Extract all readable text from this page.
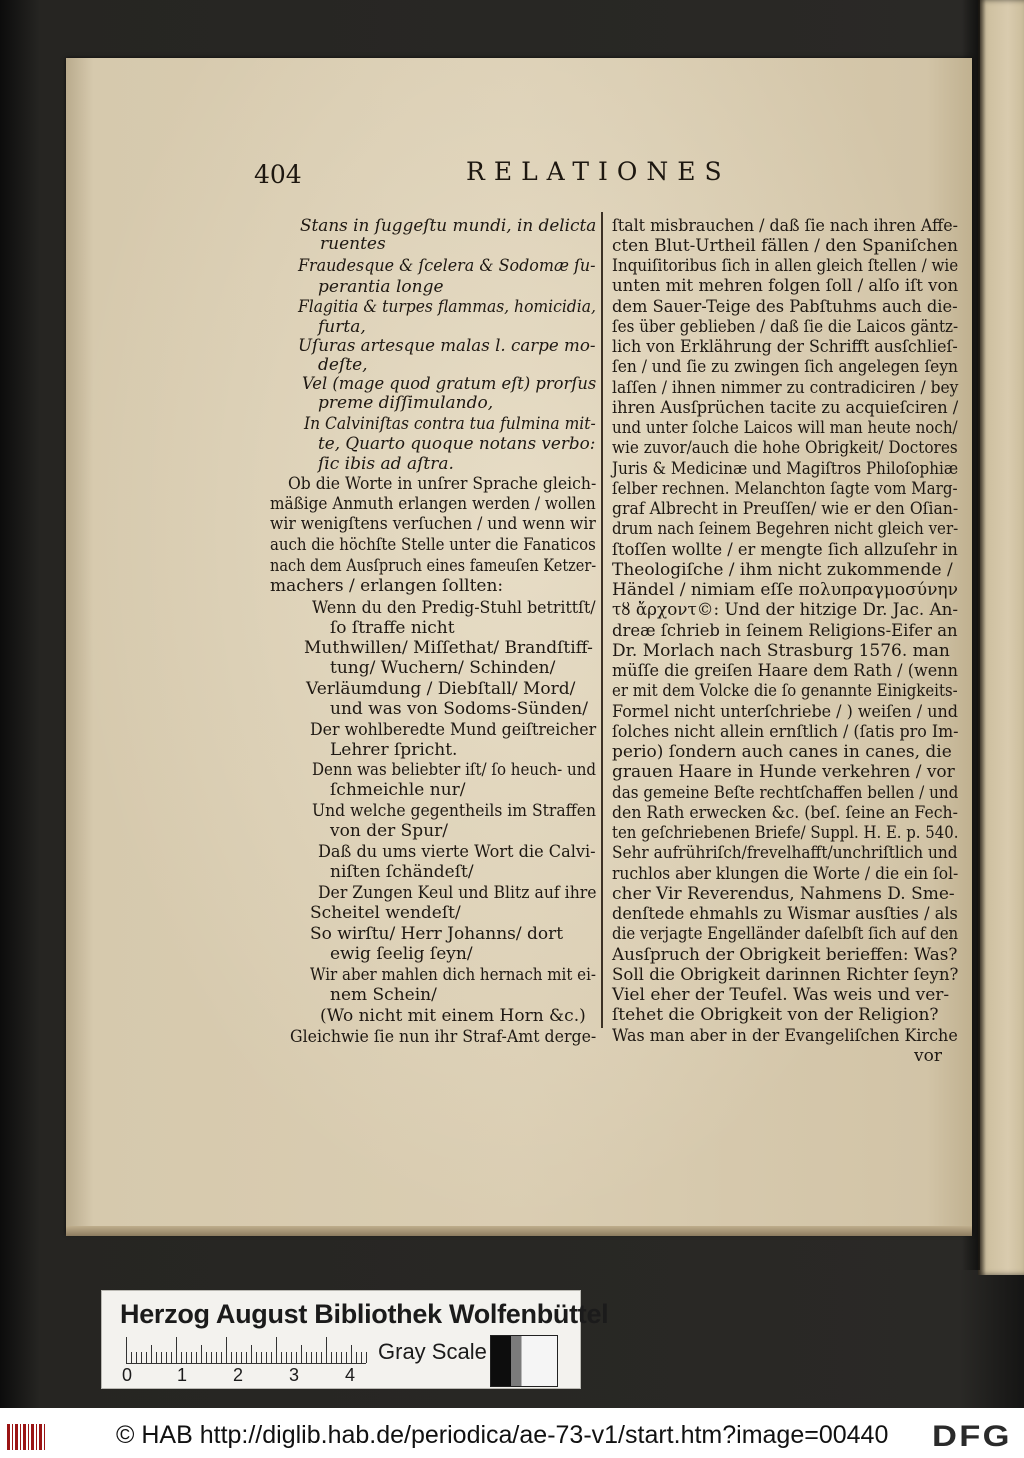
404	RELATIONES
Stans in ſuggeſtu mundi, in delicta
ruentes
Fraudesque & ſcelera & Sodomæ ſu-
perantia longe
Flagitia & turpes flammas, homicidia,
furta,
Uſuras artesque malas l. carpe mo-
deſte,
Vel (mage quod gratum eſt) prorſus
preme diſſimulando,
In Calviniſtas contra tua fulmina mit-
te, Quarto quoque notans verbo:
ſic ibis ad aſtra.
Ob die Worte in unſrer Sprache gleich-
mäßige Anmuth erlangen werden / wollen
wir wenigſtens verſuchen / und wenn wir
auch die höchſte Stelle unter die Fanaticos
nach dem Ausſpruch eines fameuſen Ketzer-
machers / erlangen ſollten:
Wenn du den Predig-Stuhl betrittſt/
ſo ſtraffe nicht
Muthwillen/ Miſſethat/ Brandſtiff-
tung/ Wuchern/ Schinden/
Verläumdung / Diebſtall/ Mord/
und was von Sodoms-Sünden/
Der wohlberedte Mund geiſtreicher
Lehrer ſpricht.
Denn was beliebter iſt/ ſo heuch- und
ſchmeichle nur/
Und welche gegentheils im Straffen
von der Spur/
Daß du ums vierte Wort die Calvi-
niſten ſchändeſt/
Der Zungen Keul und Blitz auf ihre
Scheitel wendeſt/
So wirſtu/ Herr Johanns/ dort
ewig ſeelig ſeyn/
Wir aber mahlen dich hernach mit ei-
nem Schein/
(Wo nicht mit einem Horn &c.)
Gleichwie ſie nun ihr Straf-Amt derge-
ſtalt misbrauchen / daß ſie nach ihren Affe-
cten Blut-Urtheil fällen / den Spaniſchen
Inquiſitoribus ſich in allen gleich ſtellen / wie
unten mit mehren folgen ſoll / alſo iſt von
dem Sauer-Teige des Pabſtuhms auch die-
ſes über geblieben / daß ſie die Laicos gäntz-
lich von Erklährung der Schrifft ausſchlieſ-
ſen / und ſie zu zwingen ſich angelegen ſeyn
laſſen / ihnen nimmer zu contradiciren / bey
ihren Ausſprüchen tacite zu acquieſciren /
und unter ſolche Laicos will man heute noch/
wie zuvor/auch die hohe Obrigkeit/ Doctores
Juris & Medicinæ und Magiſtros Philoſophiæ
ſelber rechnen. Melanchton ſagte vom Marg-
graf Albrecht in Preuſſen/ wie er den Oſian-
drum nach ſeinem Begehren nicht gleich ver-
ſtoſſen wollte / er mengte ſich allzuſehr in
Theologiſche / ihm nicht zukommende /
Händel / nimiam eſſe πολυπραγμοσύνην
τȣ ἄρχοντ©: Und der hitzige Dr. Jac. An-
dreæ ſchrieb in ſeinem Religions-Eifer an
Dr. Morlach nach Strasburg 1576. man
müſſe die greiſen Haare dem Rath / (wenn
er mit dem Volcke die ſo genannte Einigkeits-
Formel nicht unterſchriebe / ) weiſen / und
ſolches nicht allein ernſtlich / (ſatis pro Im-
perio) ſondern auch canes in canes, die
grauen Haare in Hunde verkehren / vor
das gemeine Beſte rechtſchaffen bellen / und
den Rath erwecken &c. (beſ. ſeine an Fech-
ten geſchriebenen Briefe/ Suppl. H. E. p. 540.
Sehr aufrühriſch/frevelhafft/unchriſtlich und
ruchlos aber klungen die Worte / die ein ſol-
cher Vir Reverendus, Nahmens D. Sme-
denſtede ehmahls zu Wismar ausſties / als
die verjagte Engelländer daſelbſt ſich auf den
Ausſpruch der Obrigkeit berieffen: Was?
Soll die Obrigkeit darinnen Richter ſeyn?
Viel eher der Teufel. Was weis und ver-
ſtehet die Obrigkeit von der Religion?
Was man aber in der Evangeliſchen Kirche
vor
Herzog August Bibliothek Wolfenbüttel
0 1	2	3	4
Gray Scale
© HAB http://diglib.hab.de/periodica/ae-73-v1/start.htm?image=00440 DFG
